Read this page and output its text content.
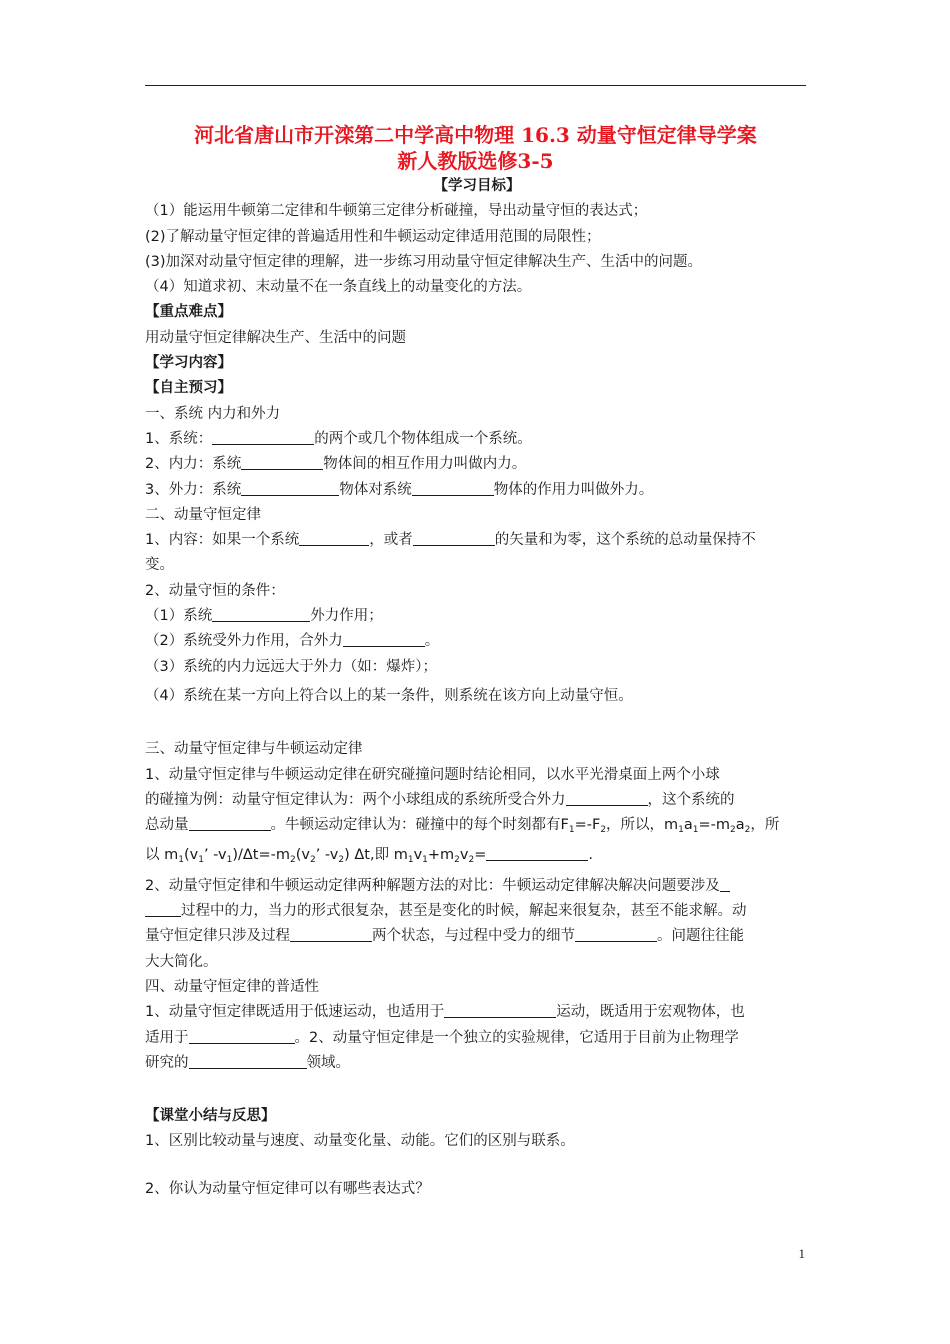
河北省唐山市开滦第二中学高中物理 16.3 动量守恒定律导学案
新人教版选修3-5
【学习目标】
（1）能运用牛顿第二定律和牛顿第三定律分析碰撞，导出动量守恒的表达式；
(2)了解动量守恒定律的普遍适用性和牛顿运动定律适用范围的局限性；
(3)加深对动量守恒定律的理解，进一步练习用动量守恒定律解决生产、生活中的问题。
（4）知道求初、末动量不在一条直线上的动量变化的方法。
【重点难点】
用动量守恒定律解决生产、生活中的问题
【学习内容】
【自主预习】
一、系统 内力和外力
1、系统：	的两个或几个物体组成一个系统。
2、内力：系统	物体间的相互作用力叫做内力。
3、外力：系统	物体对系统	物体的作用力叫做外力。
二、动量守恒定律
1、内容：如果一个系统	，或者	的矢量和为零，这个系统的总动量保持不
变。
2、动量守恒的条件：
（1）系统	外力作用；
（2）系统受外力作用，合外力	。
（3）系统的内力远远大于外力（如：爆炸）；
（4）系统在某一方向上符合以上的某一条件，则系统在该方向上动量守恒。
三、动量守恒定律与牛顿运动定律
1、动量守恒定律与牛顿运动定律在研究碰撞问题时结论相同，以水平光滑桌面上两个小球
的碰撞为例：动量守恒定律认为：两个小球组成的系统所受合外力	，这个系统的
总动量	。牛顿运动定律认为：碰撞中的每个时刻都有$F_1=-F_2$，所以，$m_1a_1=-m_2a_2$，所
以 $m_1(v_1$’ $-v_1)/\Delta t=-m_2(v_2$’ $-v_2$) Δt,即 $m_1v_1+m_2v_2=$	.
2、动量守恒定律和牛顿运动定律两种解题方法的对比：牛顿运动定律解决解决问题要涉及
过程中的力，当力的形式很复杂，甚至是变化的时候，解起来很复杂，甚至不能求解。动
量守恒定律只涉及过程	两个状态，与过程中受力的细节	。问题往往能
大大简化。
四、动量守恒定律的普适性
1、动量守恒定律既适用于低速运动，也适用于	运动，既适用于宏观物体，也
适用于	。2、动量守恒定律是一个独立的实验规律，它适用于目前为止物理学
研究的	领域。
【课堂小结与反思】
1、区别比较动量与速度、动量变化量、动能。它们的区别与联系。
2、你认为动量守恒定律可以有哪些表达式？
1
